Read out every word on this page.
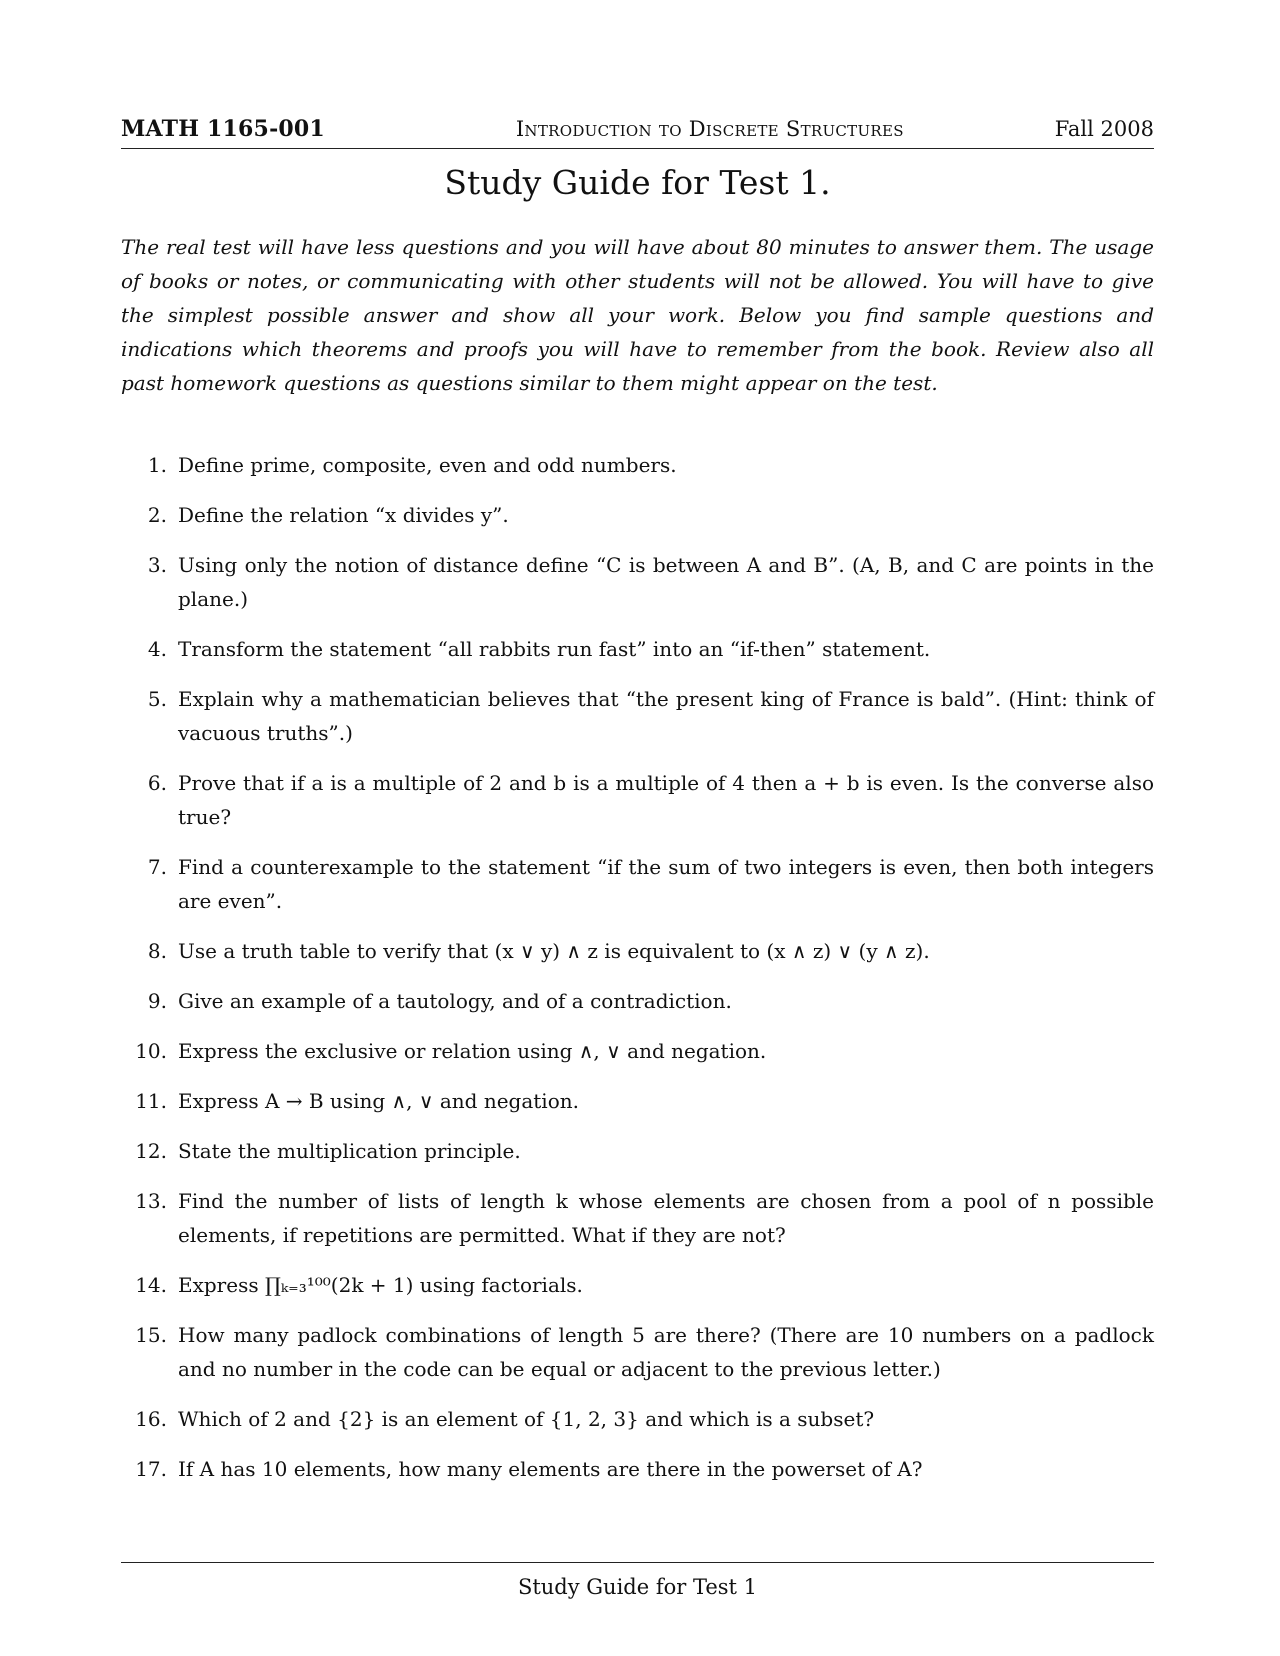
MATH 1165-001	Introduction to Discrete Structures	Fall 2008
Study Guide for Test 1.

The real test will have less questions and you will have about 80 minutes to answer them. The usage of books or notes, or communicating with other students will not be allowed. You will have to give the simplest possible answer and show all your work. Below you find sample questions and indications which theorems and proofs you will have to remember from the book. Review also all past homework questions as questions similar to them might appear on the test.

1. Define prime, composite, even and odd numbers.
2. Define the relation “x divides y”.
3. Using only the notion of distance define “C is between A and B”. (A, B, and C are points in the plane.)
4. Transform the statement “all rabbits run fast” into an “if-then” statement.
5. Explain why a mathematician believes that “the present king of France is bald”. (Hint: think of vacuous truths”.)
6. Prove that if a is a multiple of 2 and b is a multiple of 4 then a + b is even. Is the converse also true?
7. Find a counterexample to the statement “if the sum of two integers is even, then both integers are even”.
8. Use a truth table to verify that (x ∨ y) ∧ z is equivalent to (x ∧ z) ∨ (y ∧ z).
9. Give an example of a tautology, and of a contradiction.
10. Express the exclusive or relation using ∧, ∨ and negation.
11. Express A → B using ∧, ∨ and negation.
12. State the multiplication principle.
13. Find the number of lists of length k whose elements are chosen from a pool of n possible elements, if repetitions are permitted. What if they are not?
14. Express ∏ₖ₌₃¹⁰⁰(2k + 1) using factorials.
15. How many padlock combinations of length 5 are there? (There are 10 numbers on a padlock and no number in the code can be equal or adjacent to the previous letter.)
16. Which of 2 and {2} is an element of {1, 2, 3} and which is a subset?
17. If A has 10 elements, how many elements are there in the powerset of A?
Study Guide for Test 1
